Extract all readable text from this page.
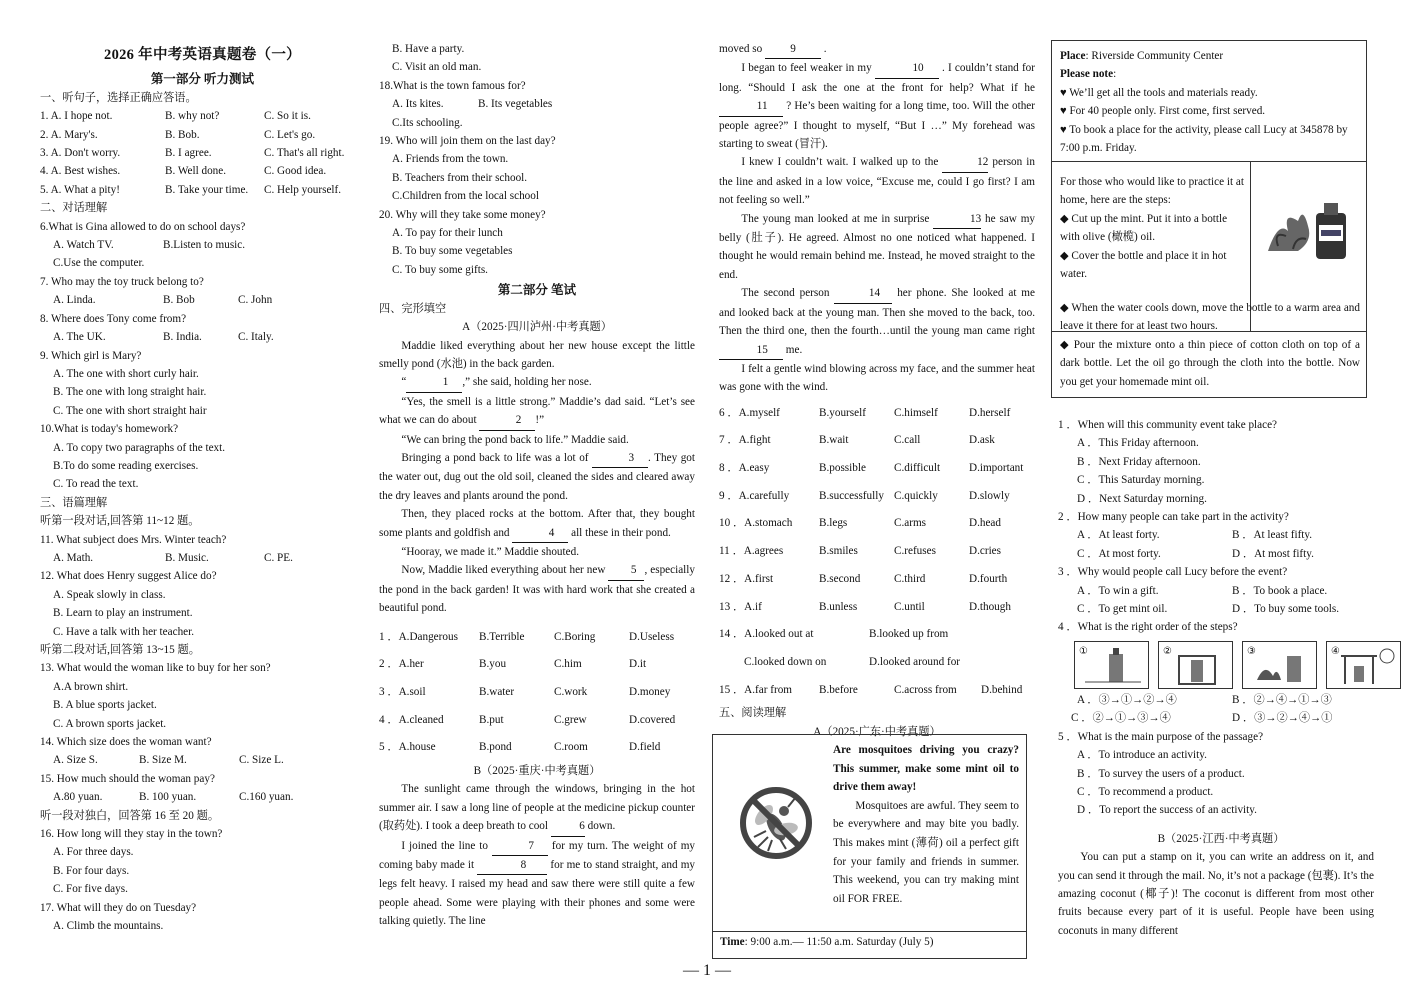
2026 年中考英语真题卷（一）
第一部分 听力测试
一、听句子，选择正确应答语。
1. A. I hope not.	B. why not?	C. So it is.
2. A. Mary's.	B. Bob.	C. Let's go.
3. A. Don't worry.	B. I agree.	C. That's all right.
4. A. Best wishes.	B. Well done.	C. Good idea.
5. A. What a pity!	B. Take your time.	C. Help yourself.
二、对话理解
6.What is Gina allowed to do on school days?
A. Watch TV.	B.Listen to music.
C.Use the computer.
7. Who may the toy truck belong to?
A. Linda.	B. Bob	C. John
8. Where does Tony come from?
A. The UK.	B. India.	C. Italy.
9. Which girl is Mary?
A. The one with short curly hair.
B. The one with long straight hair.
C. The one with short straight hair
10.What is today's homework?
A. To copy two paragraphs of the text.
B.To do some reading exercises.
C. To read the text.
三、语篇理解
听第一段对话,回答第 11~12 题。
11. What subject does Mrs. Winter teach?
A. Math.	B. Music.	C. PE.
12. What does Henry suggest Alice do?
A. Speak slowly in class.
B. Learn to play an instrument.
C. Have a talk with her teacher.
听第二段对话,回答第 13~15 题。
13. What would the woman like to buy for her son?
A.A brown shirt.
B. A blue sports jacket.
C. A brown sports jacket.
14. Which size does the woman want?
A. Size S.	B. Size M.	C. Size L.
15. How much should the woman pay?
A.80 yuan.	B. 100 yuan.	C.160 yuan.
听一段对独白，回答第 16 至 20 题。
16. How long will they stay in the town?
A. For three days.
B. For four days.
C. For five days.
17. What will they do on Tuesday?
A. Climb the mountains.
B. Have a party.
C. Visit an old man.
18.What is the town famous for?
A. Its kites.	B. Its vegetables
C.Its schooling.
19. Who will join them on the last day?
A. Friends from the town.
B. Teachers from their school.
C.Children from the local school
20. Why will they take some money?
A. To pay for their lunch
B. To buy some vegetables
C. To buy some gifts.
第二部分 笔试
四、完形填空
A（2025·四川泸州·中考真题）
Maddie liked everything about her new house except the little smelly pond (水池) in the back garden.
“	1 ,” she said, holding her nose.
“Yes, the smell is a little strong.” Maddie’s dad said. “Let’s see what we can do about	2 !”
“We can bring the pond back to life.” Maddie said.
Bringing a pond back to life was a lot of	3 . They got the water out, dug out the old soil, cleaned the sides and cleared away the dry leaves and plants around the pond.
Then, they placed rocks at the bottom. After that, they bought some plants and goldfish and	4 all these in their pond.
“Hooray, we made it.” Maddie shouted.
Now, Maddie liked everything about her new 5 , especially the pond in the back garden! It was with hard work that she created a beautiful pond.
1 ．A.Dangerous	B.Terrible	C.Boring	D.Useless
2 ．A.her	B.you	C.him	D.it
3 ．A.soil	B.water	C.work	D.money
4 ．A.cleaned	B.put	C.grew	D.covered
5 ．A.house	B.pond	C.room	D.field
B（2025·重庆·中考真题）
The sunlight came through the windows, bringing in the hot summer air. I saw a long line of people at the medicine pickup counter (取药处). I took a deep breath to cool	6 down.
I joined the line to	7 for my turn. The weight of my coming baby made it	8 for me to stand straight, and my legs felt heavy. I raised my head and saw there were still quite a few people ahead. Some were playing with their phones and some were talking quietly. The line
moved so 9 .
I began to feel weaker in my	10 . I couldn’t stand for long. “Should I ask the one at the front for help? What if he 11 ? He’s been waiting for a long time, too. Will the other people agree?” I thought to myself, “But I …” My forehead was starting to sweat (冒汗).
I knew I couldn’t wait. I walked up to the	12 person in the line and asked in a low voice, “Excuse me, could I go first? I am not feeling so well.”
The young man looked at me in surprise	13 he saw my belly (肚子). He agreed. Almost no one noticed what happened. I thought he would remain behind me. Instead, he moved straight to the end.
The second person	14 her phone. She looked at me and looked back at the young man. Then she moved to the back, too. Then the third one, then the fourth…until the young man came right 15 me.
I felt a gentle wind blowing across my face, and the summer heat was gone with the wind.
6 ．A.myself	B.yourself	C.himself	D.herself
7 ．A.fight	B.wait	C.call	D.ask
8 ．A.easy	B.possible	C.difficult	D.important
9 ．A.carefully	B.successfully C.quickly	D.slowly
10 ．A.stomach	B.legs	C.arms	D.head
11 ．A.agrees	B.smiles	C.refuses	D.cries
12 ．A.first	B.second	C.third	D.fourth
13 ．A.if	B.unless	C.until	D.though
14 ．A.looked out at	B.looked up from
C.looked down on	D.looked around for
15 ．A.far from	B.before	C.across from	D.behind
五、阅读理解
A（2025·广东·中考真题）
Are mosquitoes driving you crazy?This summer, make some mint oil to drive them away!
Mosquitoes are awful. They seem to be everywhere and may bite you badly. This makes mint (薄荷) oil a perfect gift for your family and friends in summer. This weekend, you can try making mint oil FOR FREE.
Time: 9:00 a.m.— 11:50 a.m. Saturday (July 5)
Place: Riverside Community Center
Please note:
♥ We’ll get all the tools and materials ready.
♥ For 40 people only. First come, first served.
♥ To book a place for the activity, please call Lucy at 345878 by 7:00 p.m. Friday.
For those who would like to practice it at home, here are the steps:
◆ Cut up the mint. Put it into a bottle with olive (橄榄) oil.
◆ Cover the bottle and place it in hot water.
◆ When the water cools down, move the bottle to a warm area and leave it there for at least two hours.
◆ Pour the mixture onto a thin piece of cotton cloth on top of a dark bottle. Let the oil go through the cloth into the bottle. Now you get your homemade mint oil.
1 ．When will this community event take place?
A ．This Friday afternoon.
B ．Next Friday afternoon.
C ．This Saturday morning.
D ．Next Saturday morning.
2 ．How many people can take part in the activity?
A ．At least forty.	B ．At least fifty.
C ．At most forty.	D ．At most fifty.
3 ．Why would people call Lucy before the event?
A ．To win a gift.	B ．To book a place.
C ．To get mint oil.	D ．To buy some tools.
4 ．What is the right order of the steps?
①	②	③	④
A ．③→①→②→④	B ．②→④→①→③
C ．②→①→③→④	D ．③→②→④→①
5 ．What is the main purpose of the passage?
A ．To introduce an activity.
B ．To survey the users of a product.
C ．To recommend a product.
D ．To report the success of an activity.
B（2025·江西·中考真题）
You can put a stamp on it, you can write an address on it, and you can send it through the mail. No, it’s not a package (包裹). It’s the amazing coconut (椰子)! The coconut is different from most other fruits because every part of it is useful. People have been using coconuts in many different
— 1 —
